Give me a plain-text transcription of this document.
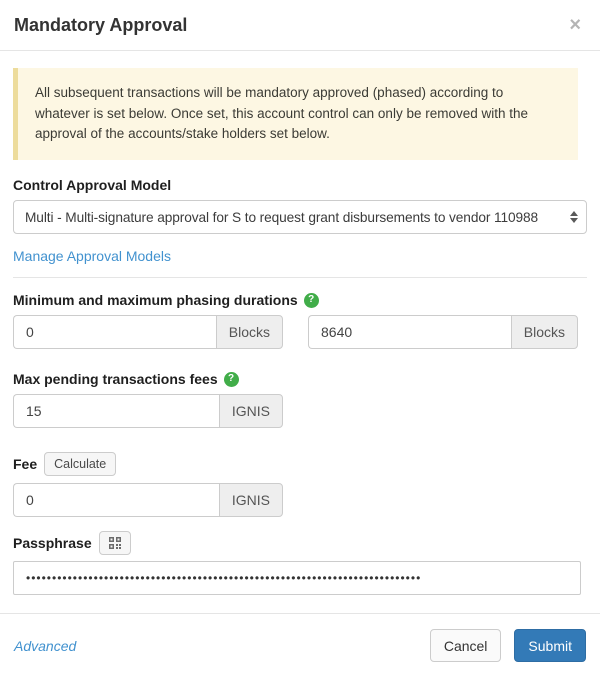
Mandatory Approval	×
All subsequent transactions will be mandatory approved (phased) according to whatever is set below. Once set, this account control can only be removed with the approval of the accounts/stake holders set below.
Control Approval Model
Multi - Multi-signature approval for S to request grant disbursements to vendor 110988
Manage Approval Models
Minimum and maximum phasing durations	?
0
Blocks
8640	Blocks
Max pending transactions fees	?
15
IGNIS
Fee	Calculate
0
IGNIS
Passphrase
••••••••••••••••••••••••••••••••••••••••••••••••••••••••••••••••••••••••••••
Advanced	Cancel	Submit
